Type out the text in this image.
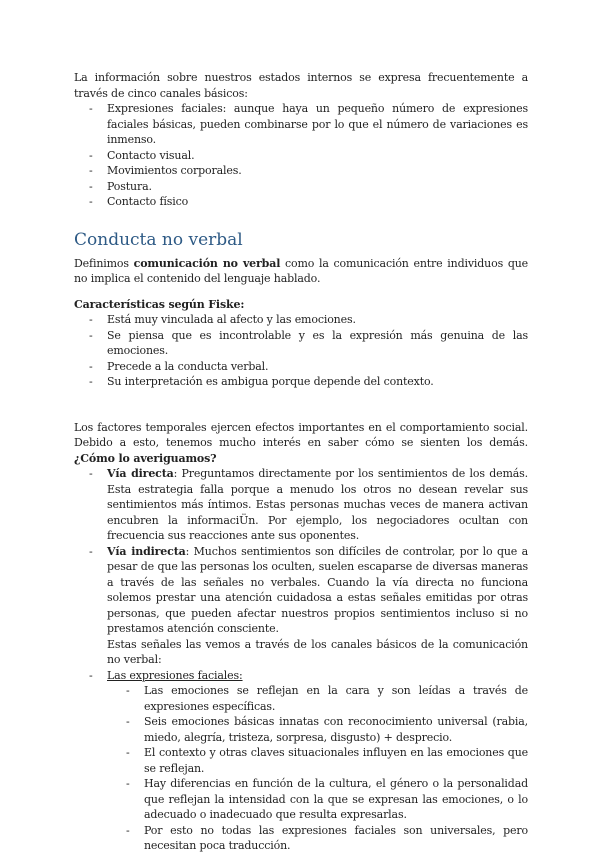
La información sobre nuestros estados internos se expresa frecuentemente a través de cinco canales básicos:

- Expresiones faciales: aunque haya un pequeño número de expresiones faciales básicas, pueden combinarse por lo que el número de variaciones es inmenso.
- Contacto visual.
- Movimientos corporales.
- Postura.
- Contacto físico
Conducta no verbal

Definimos comunicación no verbal como la comunicación entre individuos que no implica el contenido del lenguaje hablado.

Características según Fiske:

- Está muy vinculada al afecto y las emociones.
- Se piensa que es incontrolable y es la expresión más genuina de las emociones.
- Precede a la conducta verbal.
- Su interpretación es ambigua porque depende del contexto.

Los factores temporales ejercen efectos importantes en el comportamiento social. Debido a esto, tenemos mucho interés en saber cómo se sienten los demás. ¿Cómo lo averiguamos?

- Vía directa: Preguntamos directamente por los sentimientos de los demás. Esta estrategia falla porque a menudo los otros no desean revelar sus sentimientos más íntimos. Estas personas muchas veces de manera activan encubren la informaciÜn. Por ejemplo, los negociadores ocultan con frecuencia sus reacciones ante sus oponentes.
- Vía indirecta: Muchos sentimientos son difíciles de controlar, por lo que a pesar de que las personas los oculten, suelen escaparse de diversas maneras a través de las señales no verbales. Cuando la vía directa no funciona solemos prestar una atención cuidadosa a estas señales emitidas por otras personas, que pueden afectar nuestros propios sentimientos incluso si no prestamos atención consciente.
Estas señales las vemos a través de los canales básicos de la comunicación no verbal:
- Las expresiones faciales:
- Las emociones se reflejan en la cara y son leídas a través de expresiones específicas.
- Seis emociones básicas innatas con reconocimiento universal (rabia, miedo, alegría, tristeza, sorpresa, disgusto) + desprecio.
- El contexto y otras claves situacionales influyen en las emociones que se reflejan.
- Hay diferencias en función de la cultura, el género o la personalidad que reflejan la intensidad con la que se expresan las emociones, o lo adecuado o inadecuado que resulta expresarlas.
- Por esto no todas las expresiones faciales son universales, pero necesitan poca traducción.
